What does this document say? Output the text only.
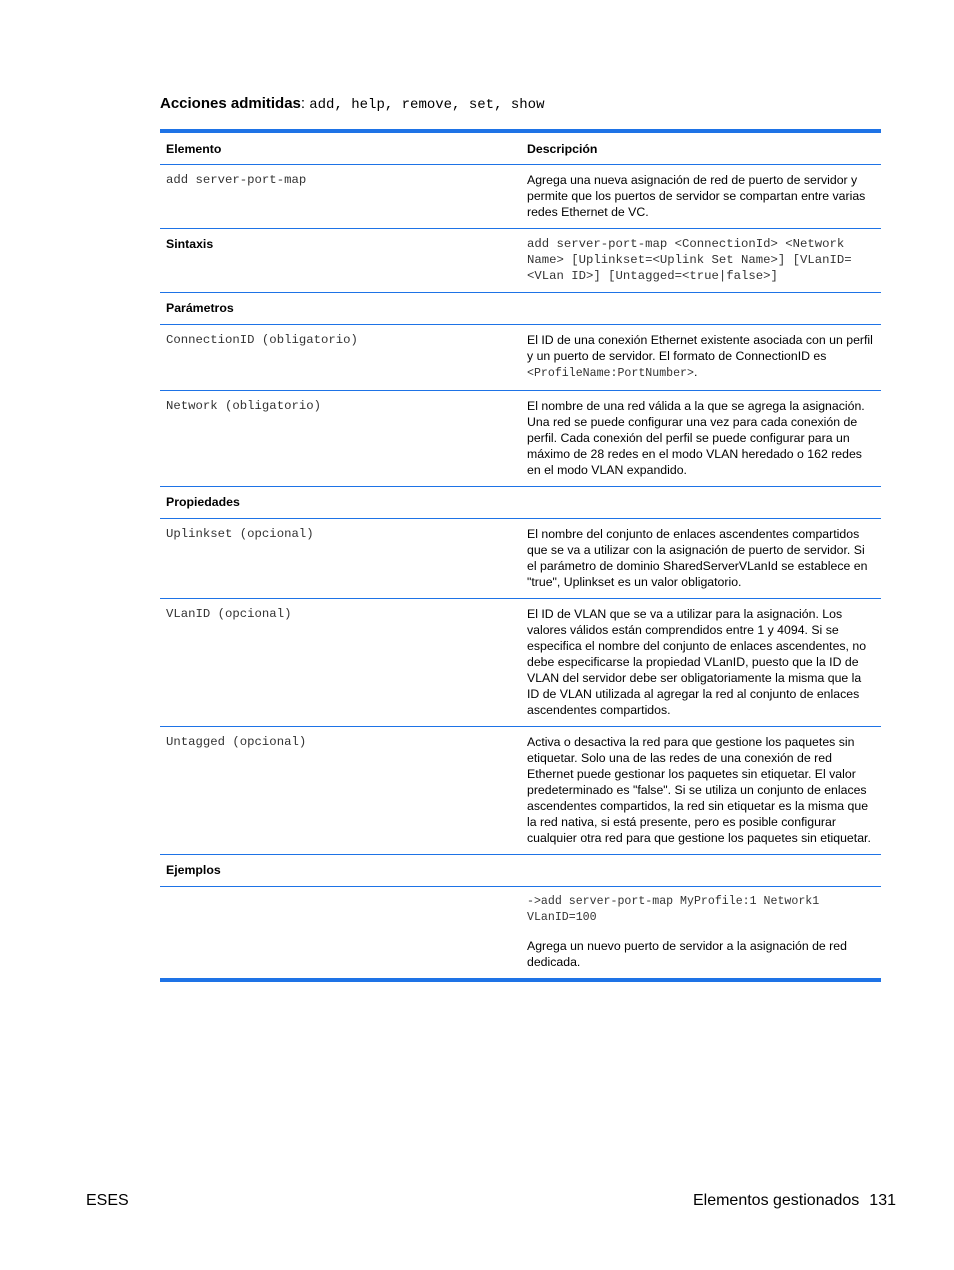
Acciones admitidas: add, help, remove, set, show
Elemento	Descripción
add server-port-map	Agrega una nueva asignación de red de puerto de servidor y permite que los puertos de servidor se compartan entre varias redes Ethernet de VC.
Sintaxis	add server-port-map <ConnectionId> <Network Name> [Uplinkset=<Uplink Set Name>] [VLanID=<VLan ID>] [Untagged=<true|false>]
Parámetros	
ConnectionID (obligatorio)	El ID de una conexión Ethernet existente asociada con un perfil y un puerto de servidor. El formato de ConnectionID es <ProfileName:PortNumber>.
Network (obligatorio)	El nombre de una red válida a la que se agrega la asignación. Una red se puede configurar una vez para cada conexión de perfil. Cada conexión del perfil se puede configurar para un máximo de 28 redes en el modo VLAN heredado o 162 redes en el modo VLAN expandido.
Propiedades	
Uplinkset (opcional)	El nombre del conjunto de enlaces ascendentes compartidos que se va a utilizar con la asignación de puerto de servidor. Si el parámetro de dominio SharedServerVLanId se establece en "true", Uplinkset es un valor obligatorio.
VLanID (opcional)	El ID de VLAN que se va a utilizar para la asignación. Los valores válidos están comprendidos entre 1 y 4094. Si se especifica el nombre del conjunto de enlaces ascendentes, no debe especificarse la propiedad VLanID, puesto que la ID de VLAN del servidor debe ser obligatoriamente la misma que la ID de VLAN utilizada al agregar la red al conjunto de enlaces ascendentes compartidos.
Untagged (opcional)	Activa o desactiva la red para que gestione los paquetes sin etiquetar. Solo una de las redes de una conexión de red Ethernet puede gestionar los paquetes sin etiquetar. El valor predeterminado es "false". Si se utiliza un conjunto de enlaces ascendentes compartidos, la red sin etiquetar es la misma que la red nativa, si está presente, pero es posible configurar cualquier otra red para que gestione los paquetes sin etiquetar.
Ejemplos	

	->add server-port-map MyProfile:1 Network1 VLanID=100
Agrega un nuevo puerto de servidor a la asignación de red dedicada.
ESES	Elementos gestionados 131
